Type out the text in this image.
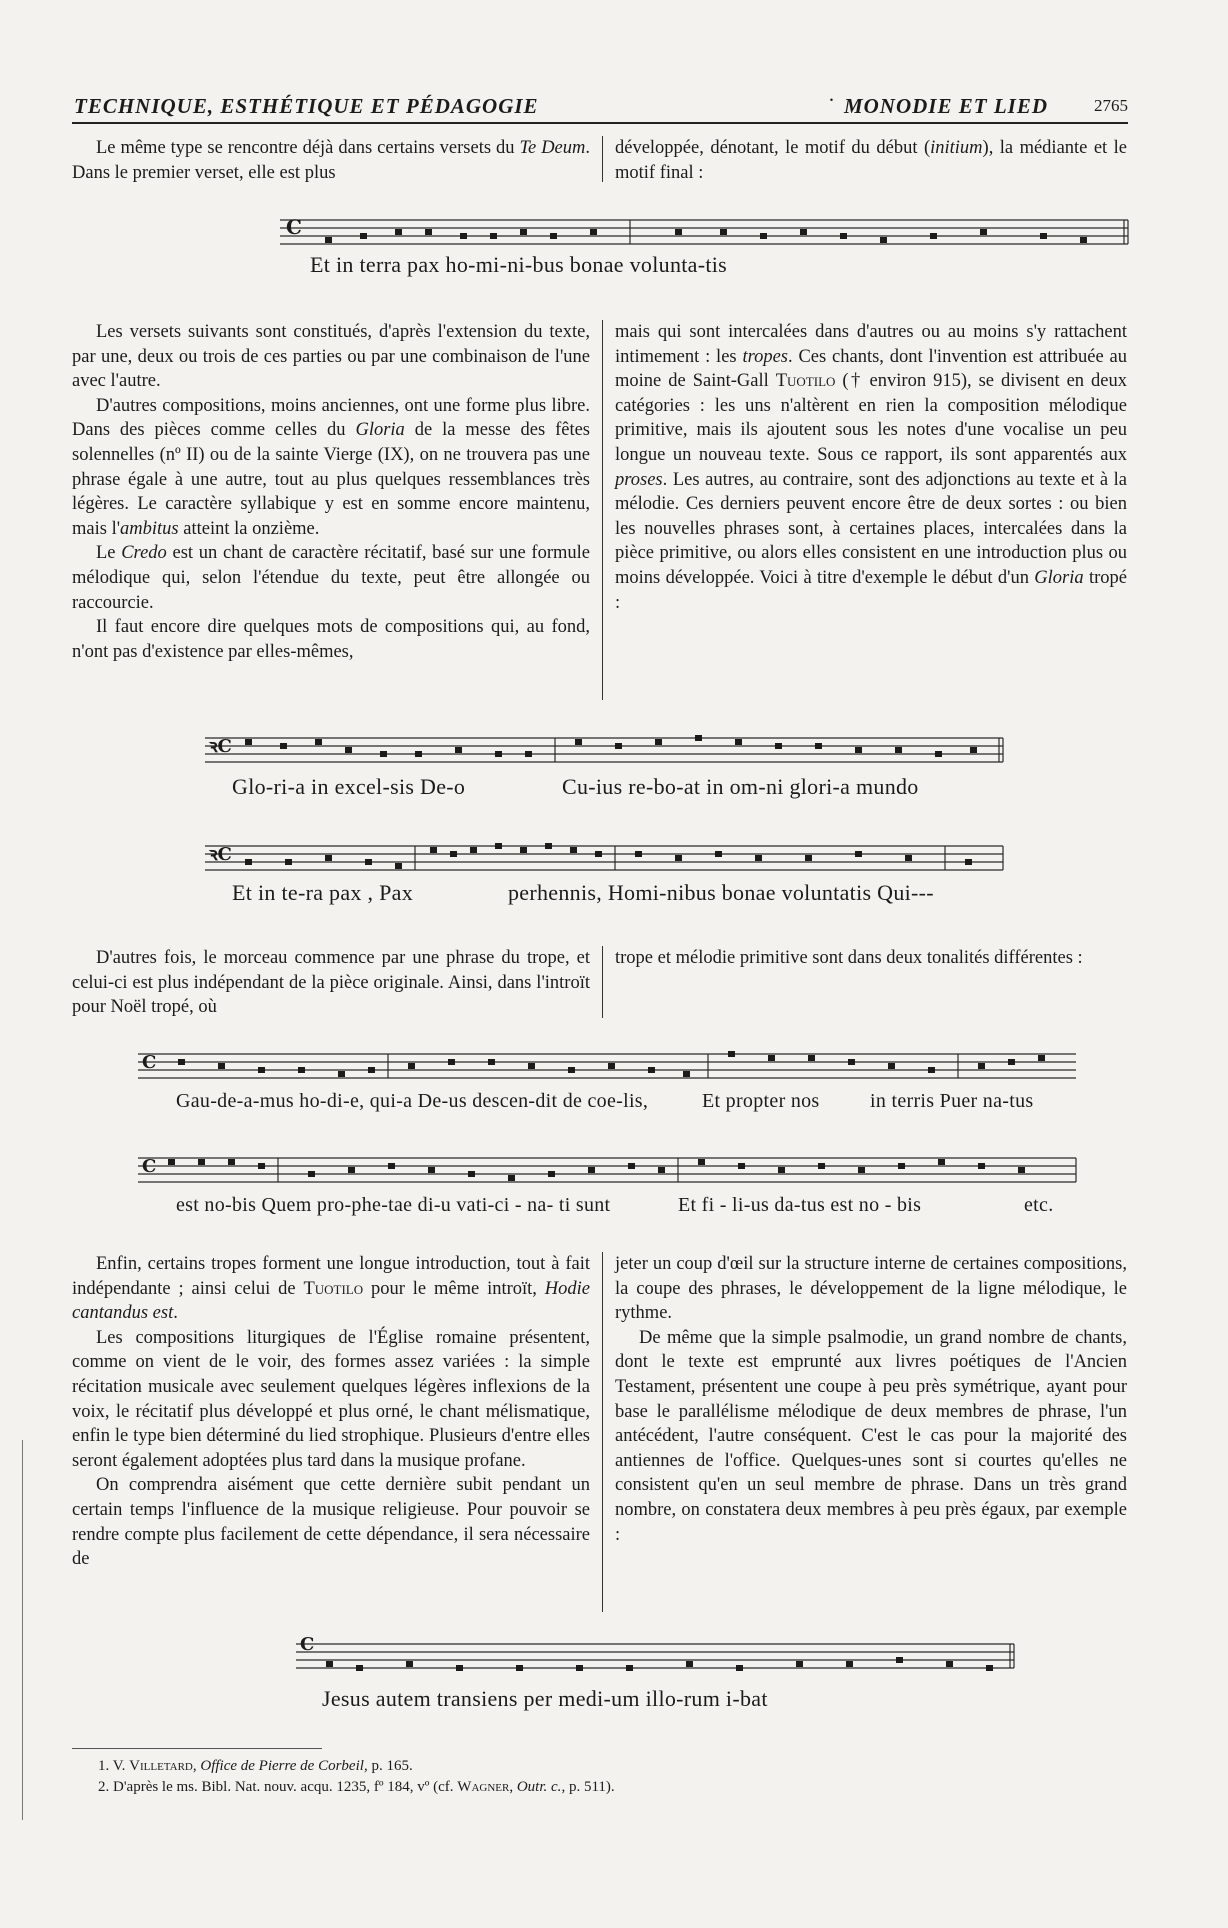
TECHNIQUE, ESTHÉTIQUE ET PÉDAGOGIE	· MONODIE ET LIED	2765

Le même type se rencontre déjà dans certains versets du Te Deum. Dans le premier verset, elle est plus

développée, dénotant, le motif du début (initium), la médiante et le motif final :

C
Et in terra pax ho-mi-ni-bus bonae volunta-tis

Les versets suivants sont constitués, d'après l'extension du texte, par une, deux ou trois de ces parties ou par une combinaison de l'une avec l'autre.

D'autres compositions, moins anciennes, ont une forme plus libre. Dans des pièces comme celles du Gloria de la messe des fêtes solennelles (nº II) ou de la sainte Vierge (IX), on ne trouvera pas une phrase égale à une autre, tout au plus quelques ressemblances très légères. Le caractère syllabique y est en somme encore maintenu, mais l'ambitus atteint la onzième.

Le Credo est un chant de caractère récitatif, basé sur une formule mélodique qui, selon l'étendue du texte, peut être allongée ou raccourcie.

Il faut encore dire quelques mots de compositions qui, au fond, n'ont pas d'existence par elles-mêmes,

mais qui sont intercalées dans d'autres ou au moins s'y rattachent intimement : les tropes. Ces chants, dont l'invention est attribuée au moine de Saint-Gall Tuotilo († environ 915), se divisent en deux catégories : les uns n'altèrent en rien la composition mélodique primitive, mais ils ajoutent sous les notes d'une vocalise un peu longue un nouveau texte. Sous ce rapport, ils sont apparentés aux proses. Les autres, au contraire, sont des adjonctions au texte et à la mélodie. Ces derniers peuvent encore être de deux sortes : ou bien les nouvelles phrases sont, à certaines places, intercalées dans la pièce primitive, ou alors elles consistent en une introduction plus ou moins développée. Voici à titre d'exemple le début d'un Gloria tropé :

ꝛC
Glo-ri-a in excel-sis De-o	Cu-ius re-bo-at in om-ni glori-a mundo
ꝛC
Et in te-ra pax , Pax	perhennis, Homi-nibus bonae voluntatis Qui---

D'autres fois, le morceau commence par une phrase du trope, et celui-ci est plus indépendant de la pièce originale. Ainsi, dans l'introït pour Noël tropé, où

trope et mélodie primitive sont dans deux tonalités différentes :

C
Gau-de-a-mus ho-di-e, qui-a De-us descen-dit de coe-lis,	Et propter nos	in terris Puer na-tus
C
est no-bis Quem pro-phe-tae di-u vati-ci - na- ti sunt	Et fi - li-us da-tus est no - bis	etc.

Enfin, certains tropes forment une longue introduction, tout à fait indépendante ; ainsi celui de Tuotilo pour le même introït, Hodie cantandus est.

Les compositions liturgiques de l'Église romaine présentent, comme on vient de le voir, des formes assez variées : la simple récitation musicale avec seulement quelques légères inflexions de la voix, le récitatif plus développé et plus orné, le chant mélismatique, enfin le type bien déterminé du lied strophique. Plusieurs d'entre elles seront également adoptées plus tard dans la musique profane.

On comprendra aisément que cette dernière subit pendant un certain temps l'influence de la musique religieuse. Pour pouvoir se rendre compte plus facilement de cette dépendance, il sera nécessaire de

jeter un coup d'œil sur la structure interne de certaines compositions, la coupe des phrases, le développement de la ligne mélodique, le rythme.

De même que la simple psalmodie, un grand nombre de chants, dont le texte est emprunté aux livres poétiques de l'Ancien Testament, présentent une coupe à peu près symétrique, ayant pour base le parallélisme mélodique de deux membres de phrase, l'un antécédent, l'autre conséquent. C'est le cas pour la majorité des antiennes de l'office. Quelques-unes sont si courtes qu'elles ne consistent qu'en un seul membre de phrase. Dans un très grand nombre, on constatera deux membres à peu près égaux, par exemple :

C
Jesus autem transiens per medi-um illo-rum i-bat
1. V. Villetard, Office de Pierre de Corbeil, p. 165.
2. D'après le ms. Bibl. Nat. nouv. acqu. 1235, fº 184, vº (cf. Wagner, Outr. c., p. 511).
